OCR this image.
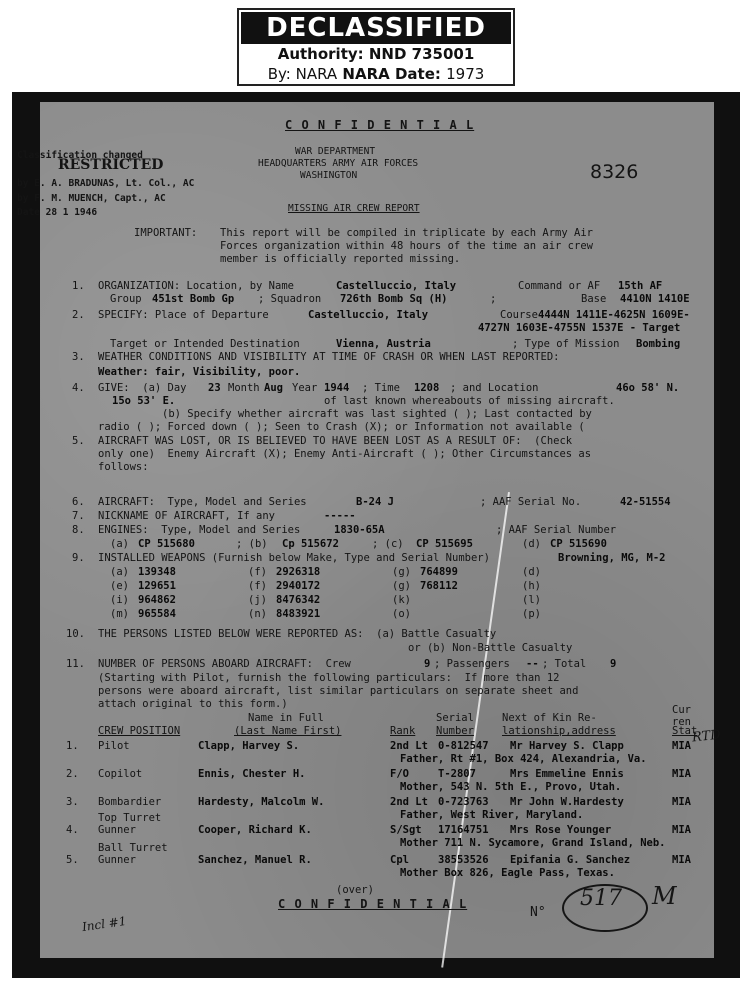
DECLASSIFIED
Authority: NND 735001
By: NARA NARA Date: 1973
C O N F I D E N T I A L
WAR DEPARTMENT
HEADQUARTERS ARMY AIR FORCES
WASHINGTON	8326
MISSING AIR CREW REPORT
Classification changed
RESTRICTED
by E. A. BRADUNAS, Lt. Col., AC
by F. M. MUENCH, Capt., AC
Date 28 1 1946
IMPORTANT: This report will be compiled in triplicate by each Army Air
Forces organization within 48 hours of the time an air crew
member is officially reported missing.
1. ORGANIZATION: Location, by Name	Castelluccio, Italy	Command or AF 15th AF
Group 451st Bomb Gp ; Squadron 726th Bomb Sq (H)	;	Base 4410N 1410E
2. SPECIFY: Place of Departure	Castelluccio, Italy	Course 4444N 1411E-4625N 1609E-
4727N 1603E-4755N 1537E - Target
Target or Intended Destination	Vienna, Austria	; Type of Mission Bombing
3. WEATHER CONDITIONS AND VISIBILITY AT TIME OF CRASH OR WHEN LAST REPORTED:
Weather: fair, Visibility, poor.
4. GIVE:  (a) Day 23 Month Aug Year 1944 ; Time 1208 ; and Location	46o 58' N.
15o 53' E.	of last known whereabouts of missing aircraft.
(b) Specify whether aircraft was last sighted ( ); Last contacted by
radio ( ); Forced down ( ); Seen to Crash (X); or Information not available (
5. AIRCRAFT WAS LOST, OR IS BELIEVED TO HAVE BEEN LOST AS A RESULT OF:  (Check
only one)  Enemy Aircraft (X); Enemy Anti-Aircraft ( ); Other Circumstances as
follows:
6. AIRCRAFT:  Type, Model and Series	B-24 J	; AAF Serial No.	42-51554
7. NICKNAME OF AIRCRAFT, If any	-----
8. ENGINES:  Type, Model and Series	1830-65A	; AAF Serial Number
(a) CP 515680	; (b) Cp 515672	; (c) CP 515695	(d) CP 515690
9. INSTALLED WEAPONS (Furnish below Make, Type and Serial Number)	Browning, MG, M-2
(a) 139348	(f) 2926318	(g) 764899	(d)
(e) 129651	(f) 2940172	(g) 768112	(h)
(i) 964862	(j) 8476342	(k)	(l)
(m) 965584	(n) 8483921	(o)	(p)
10. THE PERSONS LISTED BELOW WERE REPORTED AS:  (a) Battle Casualty
or (b) Non-Battle Casualty
11. NUMBER OF PERSONS ABOARD AIRCRAFT:  Crew	9 ; Passengers -- ; Total 9
(Starting with Pilot, furnish the following particulars:  If more than 12
persons were aboard aircraft, list similar particulars on separate sheet and
attach original to this form.)
Name in Full	Serial	Next of Kin Re-
Cur
ren
CREW POSITION	(Last Name First)	Rank Number	lationship,address	Stat
1. Pilot	Clapp, Harvey S.	2nd Lt 0-812547 Mr Harvey S. Clapp	MIA
Father, Rt #1, Box 424, Alexandria, Va.
2. Copilot	Ennis, Chester H.	F/O	T-2807	Mrs Emmeline Ennis	MIA
Mother, 543 N. 5th E., Provo, Utah.
3. Bombardier	Hardesty, Malcolm W.	2nd Lt 0-723763 Mr John W.Hardesty	MIA
Father, West River, Maryland.
4.
Top Turret
Gunner	Cooper, Richard K.	S/Sgt 17164751 Mrs Rose Younger	MIA
Mother 711 N. Sycamore, Grand Island, Neb.
5.
Ball Turret
Gunner	Sanchez, Manuel R.	Cpl	38553526 Epifania G. Sanchez	MIA
Mother Box 826, Eagle Pass, Texas.
RTD
(over)
C O N F I D E N T I A L
N°
517 M
Incl #1
